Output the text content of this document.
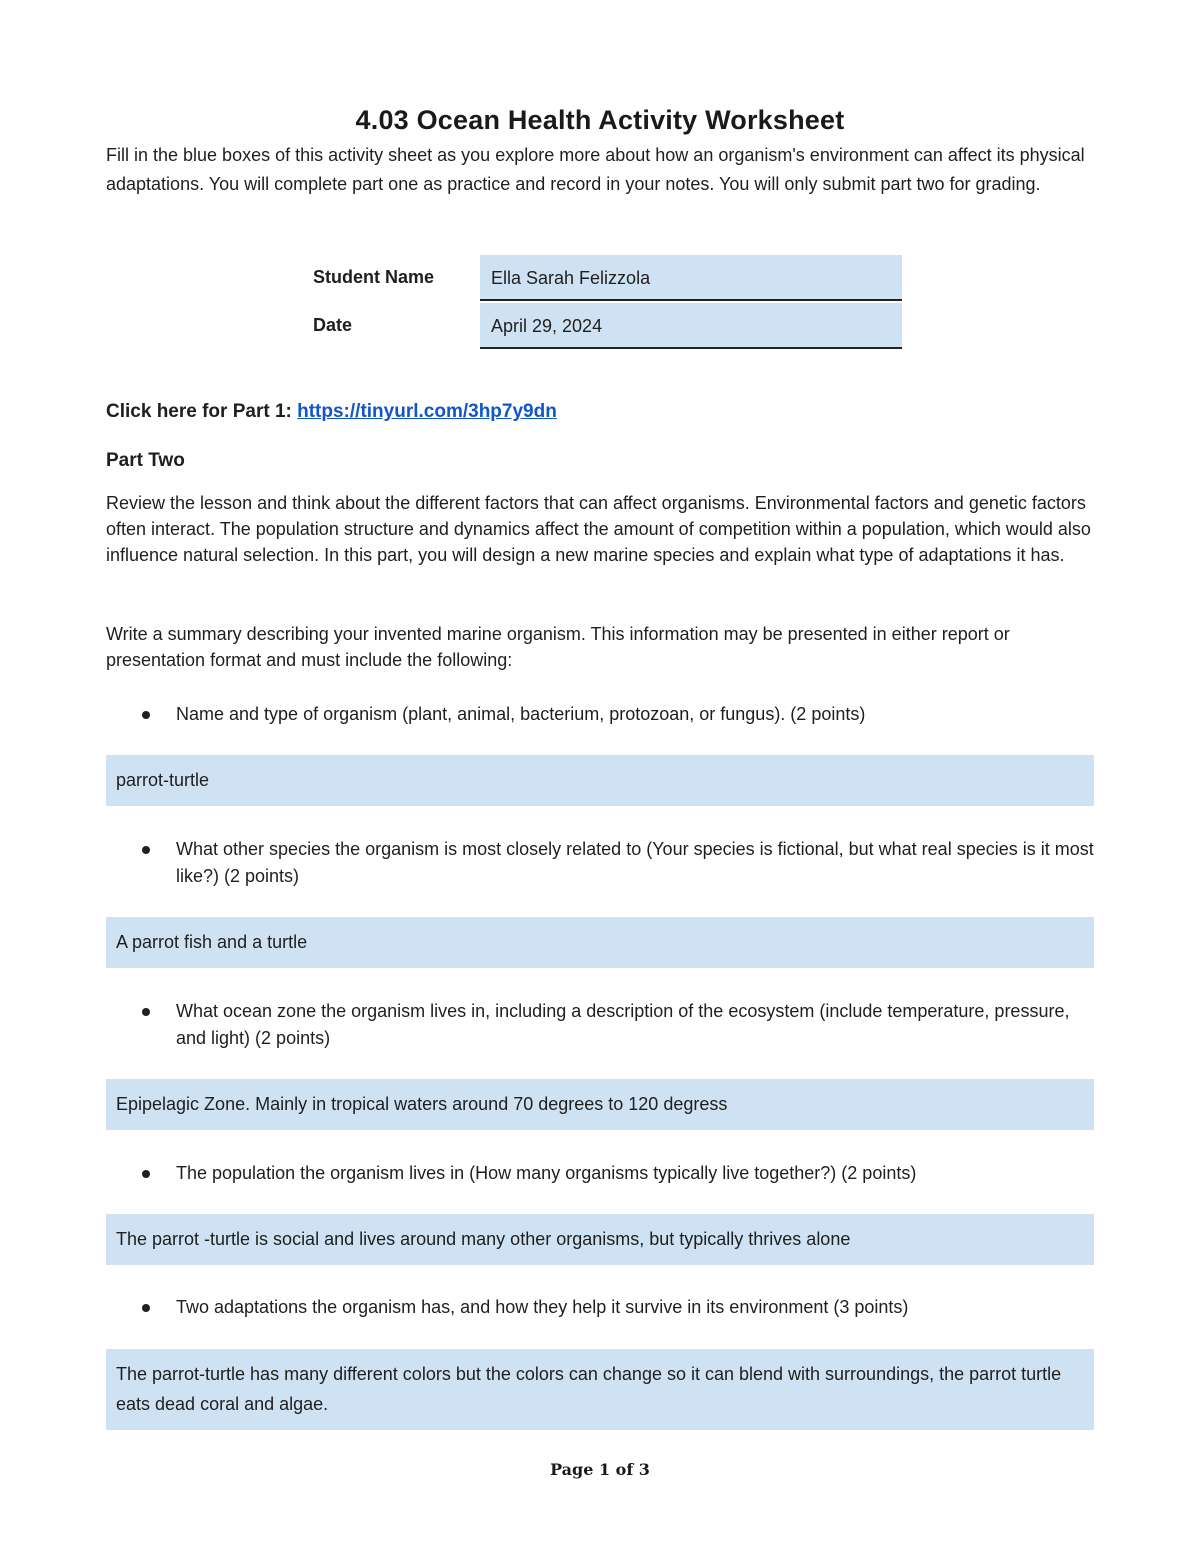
4.03 Ocean Health Activity Worksheet

Fill in the blue boxes of this activity sheet as you explore more about how an organism's environment can affect its physical adaptations. You will complete part one as practice and record in your notes. You will only submit part two for grading.

Student Name	Ella Sarah Felizzola
Date	April 29, 2024
Click here for Part 1: https://tinyurl.com/3hp7y9dn
Part Two
Review the lesson and think about the different factors that can affect organisms. Environmental factors and genetic factors often interact. The population structure and dynamics affect the amount of competition within a population, which would also influence natural selection. In this part, you will design a new marine species and explain what type of adaptations it has.
Write a summary describing your invented marine organism. This information may be presented in either report or presentation format and must include the following:
Name and type of organism (plant, animal, bacterium, protozoan, or fungus). (2 points)
parrot-turtle
What other species the organism is most closely related to (Your species is fictional, but what real species is it most like?) (2 points)
A parrot fish and a turtle
What ocean zone the organism lives in, including a description of the ecosystem (include temperature, pressure, and light) (2 points)
Epipelagic Zone. Mainly in tropical waters around 70 degrees to 120 degress
The population the organism lives in (How many organisms typically live together?) (2 points)
The parrot -turtle is social and lives around many other organisms, but typically thrives alone
Two adaptations the organism has, and how they help it survive in its environment (3 points)
The parrot-turtle has many different colors but the colors can change so it can blend with surroundings, the parrot turtle eats dead coral and algae.
Page 1 of 3
